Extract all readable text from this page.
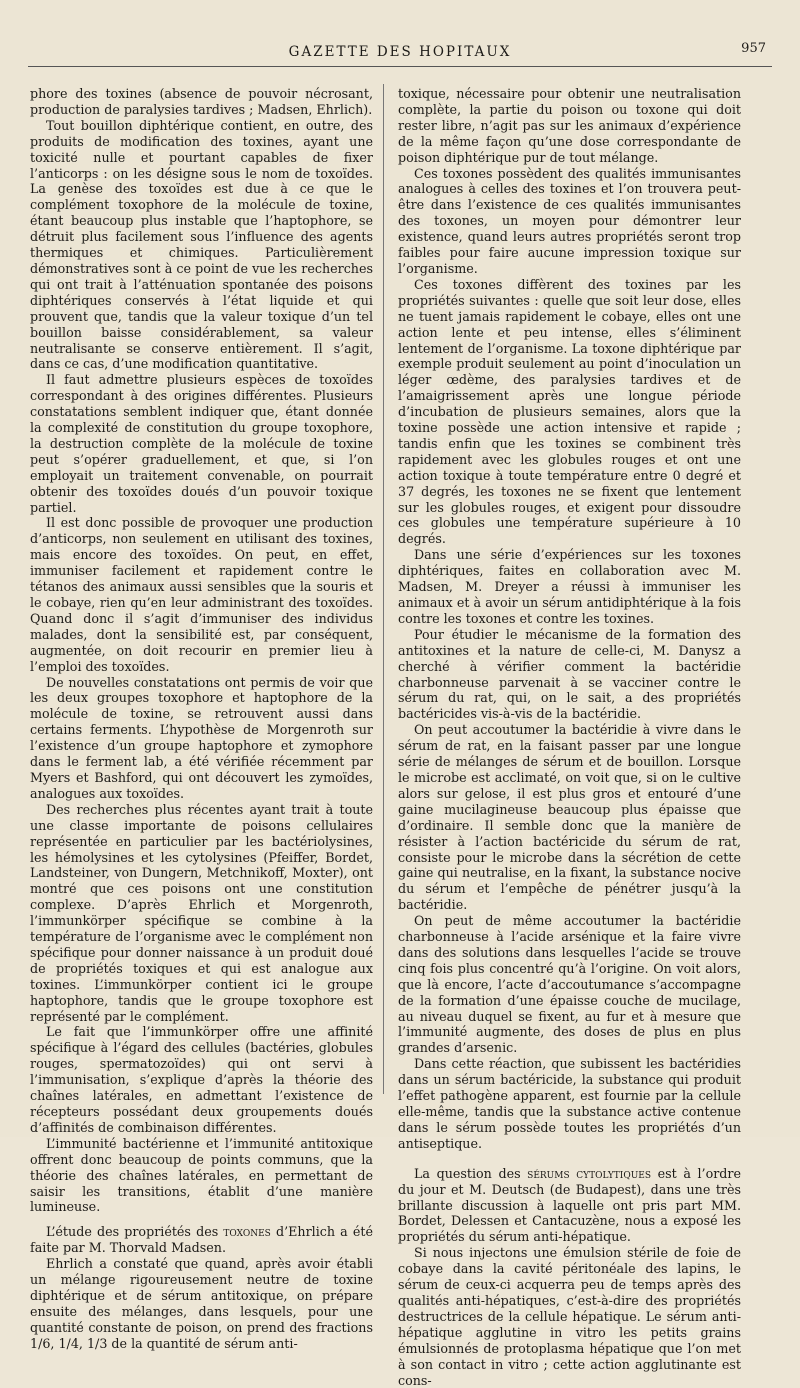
GAZETTE DES HOPITAUX	957

phore des toxines (absence de pouvoir nécrosant, production de paralysies tardives ; Madsen, Ehrlich).

Tout bouillon diphtérique contient, en outre, des produits de modification des toxines, ayant une toxicité nulle et pourtant capables de fixer l’anticorps : on les désigne sous le nom de toxoïdes. La genèse des toxoïdes est due à ce que le complément toxophore de la molécule de toxine, étant beaucoup plus instable que l’haptophore, se détruit plus facilement sous l’influence des agents thermiques et chimiques. Particulièrement démonstratives sont à ce point de vue les recherches qui ont trait à l’atténuation spontanée des poisons diphtériques conservés à l’état liquide et qui prouvent que, tandis que la valeur toxique d’un tel bouillon baisse considérablement, sa valeur neutralisante se conserve entièrement. Il s’agit, dans ce cas, d’une modification quantitative.

Il faut admettre plusieurs espèces de toxoïdes correspondant à des origines différentes. Plusieurs constatations semblent indiquer que, étant donnée la complexité de constitution du groupe toxophore, la destruction complète de la molécule de toxine peut s’opérer graduellement, et que, si l’on employait un traitement convenable, on pourrait obtenir des toxoïdes doués d’un pouvoir toxique partiel.

Il est donc possible de provoquer une production d’anticorps, non seulement en utilisant des toxines, mais encore des toxoïdes. On peut, en effet, immuniser facilement et rapidement contre le tétanos des animaux aussi sensibles que la souris et le cobaye, rien qu’en leur administrant des toxoïdes. Quand donc il s’agit d’immuniser des individus malades, dont la sensibilité est, par conséquent, augmentée, on doit recourir en premier lieu à l’emploi des toxoïdes.

De nouvelles constatations ont permis de voir que les deux groupes toxophore et haptophore de la molécule de toxine, se retrouvent aussi dans certains ferments. L’hypothèse de Morgenroth sur l’existence d’un groupe haptophore et zymophore dans le ferment lab, a été vérifiée récemment par Myers et Bashford, qui ont découvert les zymoïdes, analogues aux toxoïdes.

Des recherches plus récentes ayant trait à toute une classe importante de poisons cellulaires représentée en particulier par les bactériolysines, les hémolysines et les cytolysines (Pfeiffer, Bordet, Landsteiner, von Dungern, Metchnikoff, Moxter), ont montré que ces poisons ont une constitution complexe. D’après Ehrlich et Morgenroth, l’immunkörper spécifique se combine à la température de l’organisme avec le complément non spécifique pour donner naissance à un produit doué de propriétés toxiques et qui est analogue aux toxines. L’immunkörper contient ici le groupe haptophore, tandis que le groupe toxophore est représenté par le complément.

Le fait que l’immunkörper offre une affinité spécifique à l’égard des cellules (bactéries, globules rouges, spermatozoïdes) qui ont servi à l’immunisation, s’explique d’après la théorie des chaînes latérales, en admettant l’existence de récepteurs possédant deux groupements doués d’affinités de combinaison différentes.

L’immunité bactérienne et l’immunité antitoxique offrent donc beaucoup de points communs, que la théorie des chaînes latérales, en permettant de saisir les transitions, établit d’une manière lumineuse.

L’étude des propriétés des toxones d’Ehrlich a été faite par M. Thorvald Madsen.

Ehrlich a constaté que quand, après avoir établi un mélange rigoureusement neutre de toxine diphtérique et de sérum antitoxique, on prépare ensuite des mélanges, dans lesquels, pour une quantité constante de poison, on prend des fractions 1/6, 1/4, 1/3 de la quantité de sérum anti-

toxique, nécessaire pour obtenir une neutralisation complète, la partie du poison ou toxone qui doit rester libre, n’agit pas sur les animaux d’expérience de la même façon qu’une dose correspondante de poison diphtérique pur de tout mélange.

Ces toxones possèdent des qualités immunisantes analogues à celles des toxines et l’on trouvera peut-être dans l’existence de ces qualités immunisantes des toxones, un moyen pour démontrer leur existence, quand leurs autres propriétés seront trop faibles pour faire aucune impression toxique sur l’organisme.

Ces toxones diffèrent des toxines par les propriétés suivantes : quelle que soit leur dose, elles ne tuent jamais rapidement le cobaye, elles ont une action lente et peu intense, elles s’éliminent lentement de l’organisme. La toxone diphtérique par exemple produit seulement au point d’inoculation un léger œdème, des paralysies tardives et de l’amaigrissement après une longue période d’incubation de plusieurs semaines, alors que la toxine possède une action intensive et rapide ; tandis enfin que les toxines se combinent très rapidement avec les globules rouges et ont une action toxique à toute température entre 0 degré et 37 degrés, les toxones ne se fixent que lentement sur les globules rouges, et exigent pour dissoudre ces globules une température supérieure à 10 degrés.

Dans une série d’expériences sur les toxones diphtériques, faites en collaboration avec M. Madsen, M. Dreyer a réussi à immuniser les animaux et à avoir un sérum antidiphtérique à la fois contre les toxones et contre les toxines.

Pour étudier le mécanisme de la formation des antitoxines et la nature de celle-ci, M. Danysz a cherché à vérifier comment la bactéridie charbonneuse parvenait à se vacciner contre le sérum du rat, qui, on le sait, a des propriétés bactéricides vis-à-vis de la bactéridie.

On peut accoutumer la bactéridie à vivre dans le sérum de rat, en la faisant passer par une longue série de mélanges de sérum et de bouillon. Lorsque le microbe est acclimaté, on voit que, si on le cultive alors sur gelose, il est plus gros et entouré d’une gaine mucilagineuse beaucoup plus épaisse que d’ordinaire. Il semble donc que la manière de résister à l’action bactéricide du sérum de rat, consiste pour le microbe dans la sécrétion de cette gaine qui neutralise, en la fixant, la substance nocive du sérum et l’empêche de pénétrer jusqu’à la bactéridie.

On peut de même accoutumer la bactéridie charbonneuse à l’acide arsénique et la faire vivre dans des solutions dans lesquelles l’acide se trouve cinq fois plus concentré qu’à l’origine. On voit alors, que là encore, l’acte d’accoutumance s’accompagne de la formation d’une épaisse couche de mucilage, au niveau duquel se fixent, au fur et à mesure que l’immunité augmente, des doses de plus en plus grandes d’arsenic.

Dans cette réaction, que subissent les bactéridies dans un sérum bactéricide, la substance qui produit l’effet pathogène apparent, est fournie par la cellule elle-même, tandis que la substance active contenue dans le sérum possède toutes les propriétés d’un antiseptique.

La question des sérums cytolytiques est à l’ordre du jour et M. Deutsch (de Budapest), dans une très brillante discussion à laquelle ont pris part MM. Bordet, Delessen et Cantacuzène, nous a exposé les propriétés du sérum anti-hépatique.

Si nous injectons une émulsion stérile de foie de cobaye dans la cavité péritonéale des lapins, le sérum de ceux-ci acquerra peu de temps après des qualités anti-hépatiques, c’est-à-dire des propriétés destructrices de la cellule hépatique. Le sérum anti-hépatique agglutine in vitro les petits grains émulsionnés de protoplasma hépatique que l’on met à son contact in vitro ; cette action agglutinante est cons-
